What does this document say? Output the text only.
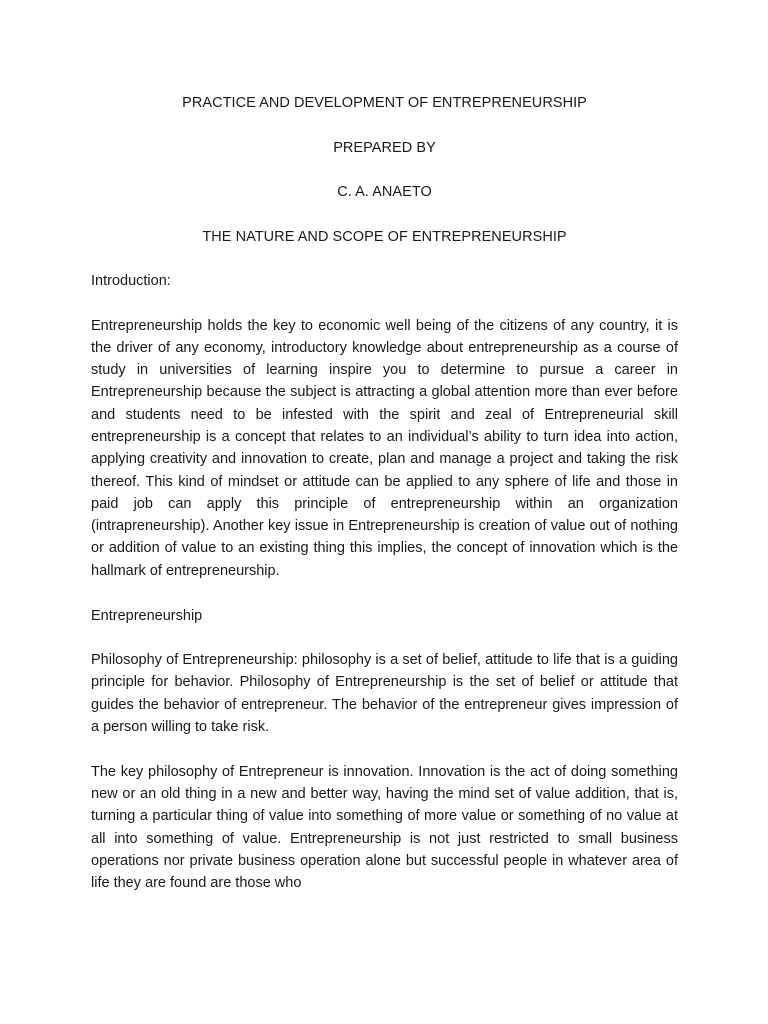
PRACTICE AND DEVELOPMENT OF ENTREPRENEURSHIP

PREPARED BY

C. A. ANAETO

THE NATURE AND SCOPE OF ENTREPRENEURSHIP

Introduction:

Entrepreneurship holds the key to economic well being of the citizens of any country, it is the driver of any economy, introductory knowledge about entrepreneurship as a course of study in universities of learning inspire you to determine to pursue a career in Entrepreneurship because the subject is attracting a global attention more than ever before and students need to be infested with the spirit and zeal of Entrepreneurial skill entrepreneurship is a concept that relates to an individual’s ability to turn idea into action, applying creativity and innovation to create, plan and manage a project and taking the risk thereof. This kind of mindset or attitude can be applied to any sphere of life and those in paid job can apply this principle of entrepreneurship within an organization (intrapreneurship). Another key issue in Entrepreneurship is creation of value out of nothing or addition of value to an existing thing this implies, the concept of innovation which is the hallmark of entrepreneurship.

Entrepreneurship

Philosophy of Entrepreneurship: philosophy is a set of belief, attitude to life that is a guiding principle for behavior. Philosophy of Entrepreneurship is the set of belief or attitude that guides the behavior of entrepreneur. The behavior of the entrepreneur gives impression of a person willing to take risk.

The key philosophy of Entrepreneur is innovation. Innovation is the act of doing something new or an old thing in a new and better way, having the mind set of value addition, that is, turning a particular thing of value into something of more value or something of no value at all into something of value. Entrepreneurship is not just restricted to small business operations nor private business operation alone but successful people in whatever area of life they are found are those who
